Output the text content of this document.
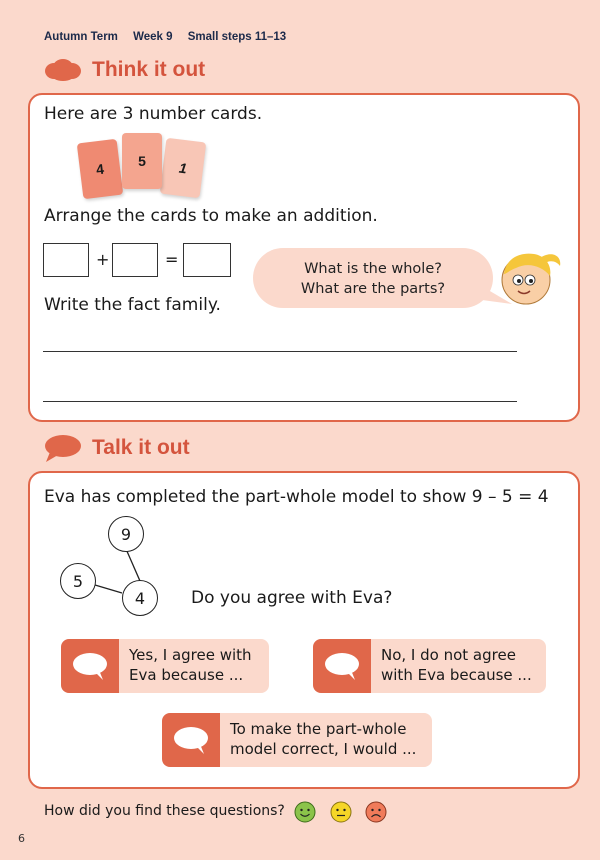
Autumn Term Week 9 Small steps 11–13
Think it out
Here are 3 number cards.
4	5	1
Arrange the cards to make an addition.
+	=
Write the fact family.
What is the whole?
What are the parts?
Talk it out
Eva has completed the part-whole model to show 9 – 5 = 4
9
5
4	Do you agree with Eva?
Yes, I agree with
Eva because ...
No, I do not agree
with Eva because ...
To make the part-whole
model correct, I would ...
How did you find these questions?
6
